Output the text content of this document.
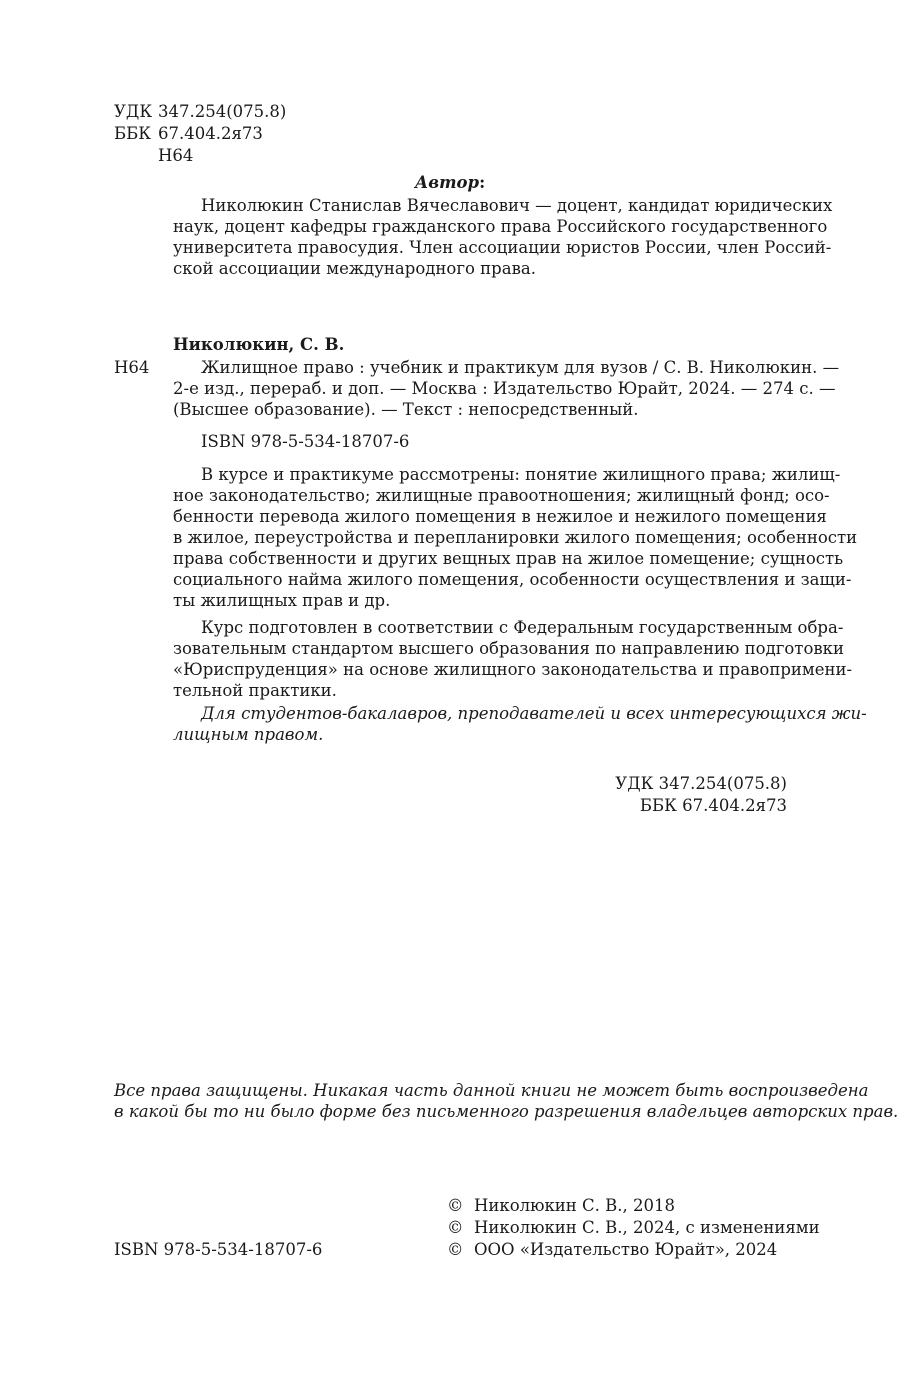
УДК 347.254(075.8)
ББК 67.404.2я73
Н64
Автор:
Николюкин Станислав Вячеславович — доцент, кандидат юридических
наук, доцент кафедры гражданского права Российского государственного
университета правосудия. Член ассоциации юристов России, член Россий-
ской ассоциации международного права.
Николюкин, С. В.
Н64	Жилищное право : учебник и практикум для вузов / С. В. Николюкин. —
2-е изд., перераб. и доп. — Москва : Издательство Юрайт, 2024. — 274 с. —
(Высшее образование). — Текст : непосредственный.
ISBN 978-5-534-18707-6
В курсе и практикуме рассмотрены: понятие жилищного права; жилищ-
ное законодательство; жилищные правоотношения; жилищный фонд; осо-
бенности перевода жилого помещения в нежилое и нежилого помещения
в жилое, переустройства и перепланировки жилого помещения; особенности
права собственности и других вещных прав на жилое помещение; сущность
социального найма жилого помещения, особенности осуществления и защи-
ты жилищных прав и др.
Курс подготовлен в соответствии с Федеральным государственным обра-
зовательным стандартом высшего образования по направлению подготовки
«Юриспруденция» на основе жилищного законодательства и правопримени-
тельной практики.
Для студентов-бакалавров, преподавателей и всех интересующихся жи-
лищным правом.
УДК 347.254(075.8)
ББК 67.404.2я73
Все права защищены. Никакая часть данной книги не может быть воспроизведена
в какой бы то ни было форме без письменного разрешения владельцев авторских прав.
ISBN 978-5-534-18707-6
© Николюкин С. В., 2018
© Николюкин С. В., 2024, с изменениями
© ООО «Издательство Юрайт», 2024
